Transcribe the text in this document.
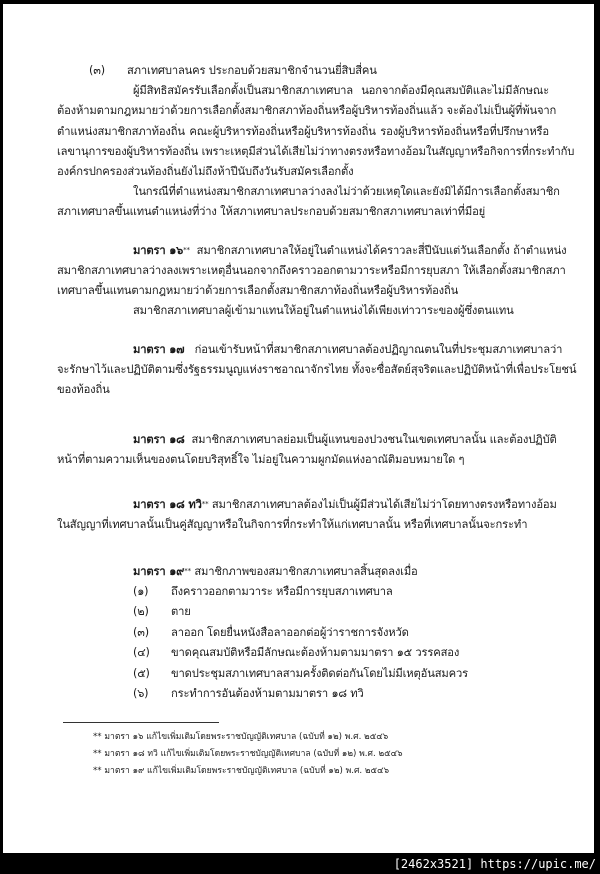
(๓) สภาเทศบาลนคร ประกอบด้วยสมาชิกจำนวนยี่สิบสี่คน
ผู้มีสิทธิสมัครรับเลือกตั้งเป็นสมาชิกสภาเทศบาล นอกจากต้องมีคุณสมบัติและไม่มีลักษณะ
ต้องห้ามตามกฎหมายว่าด้วยการเลือกตั้งสมาชิกสภาท้องถิ่นหรือผู้บริหารท้องถิ่นแล้ว จะต้องไม่เป็นผู้ที่พ้นจาก
ตำแหน่งสมาชิกสภาท้องถิ่น คณะผู้บริหารท้องถิ่นหรือผู้บริหารท้องถิ่น รองผู้บริหารท้องถิ่นหรือที่ปรึกษาหรือ
เลขานุการของผู้บริหารท้องถิ่น เพราะเหตุมีส่วนได้เสียไม่ว่าทางตรงหรือทางอ้อมในสัญญาหรือกิจการที่กระทำกับ
องค์กรปกครองส่วนท้องถิ่นยังไม่ถึงห้าปีนับถึงวันรับสมัครเลือกตั้ง
ในกรณีที่ตำแหน่งสมาชิกสภาเทศบาลว่างลงไม่ว่าด้วยเหตุใดและยังมิได้มีการเลือกตั้งสมาชิก
สภาเทศบาลขึ้นแทนตำแหน่งที่ว่าง ให้สภาเทศบาลประกอบด้วยสมาชิกสภาเทศบาลเท่าที่มีอยู่
มาตรา ๑๖** สมาชิกสภาเทศบาลให้อยู่ในตำแหน่งได้คราวละสี่ปีนับแต่วันเลือกตั้ง ถ้าตำแหน่ง
สมาชิกสภาเทศบาลว่างลงเพราะเหตุอื่นนอกจากถึงคราวออกตามวาระหรือมีการยุบสภา ให้เลือกตั้งสมาชิกสภา
เทศบาลขึ้นแทนตามกฎหมายว่าด้วยการเลือกตั้งสมาชิกสภาท้องถิ่นหรือผู้บริหารท้องถิ่น
สมาชิกสภาเทศบาลผู้เข้ามาแทนให้อยู่ในตำแหน่งได้เพียงเท่าวาระของผู้ซึ่งตนแทน
มาตรา ๑๗ ก่อนเข้ารับหน้าที่สมาชิกสภาเทศบาลต้องปฏิญาณตนในที่ประชุมสภาเทศบาลว่า
จะรักษาไว้และปฏิบัติตามซึ่งรัฐธรรมนูญแห่งราชอาณาจักรไทย ทั้งจะซื่อสัตย์สุจริตและปฏิบัติหน้าที่เพื่อประโยชน์
ของท้องถิ่น
มาตรา ๑๘ สมาชิกสภาเทศบาลย่อมเป็นผู้แทนของปวงชนในเขตเทศบาลนั้น และต้องปฏิบัติ
หน้าที่ตามความเห็นของตนโดยบริสุทธิ์ใจ ไม่อยู่ในความผูกมัดแห่งอาณัติมอบหมายใด ๆ
มาตรา ๑๘ ทวิ** สมาชิกสภาเทศบาลต้องไม่เป็นผู้มีส่วนได้เสียไม่ว่าโดยทางตรงหรือทางอ้อม
ในสัญญาที่เทศบาลนั้นเป็นคู่สัญญาหรือในกิจการที่กระทำให้แก่เทศบาลนั้น หรือที่เทศบาลนั้นจะกระทำ
มาตรา ๑๙** สมาชิกภาพของสมาชิกสภาเทศบาลสิ้นสุดลงเมื่อ
(๑) ถึงคราวออกตามวาระ หรือมีการยุบสภาเทศบาล
(๒) ตาย
(๓) ลาออก โดยยื่นหนังสือลาออกต่อผู้ว่าราชการจังหวัด
(๔) ขาดคุณสมบัติหรือมีลักษณะต้องห้ามตามมาตรา ๑๕ วรรคสอง
(๕) ขาดประชุมสภาเทศบาลสามครั้งติดต่อกันโดยไม่มีเหตุอันสมควร
(๖) กระทำการอันต้องห้ามตามมาตรา ๑๘ ทวิ
** มาตรา ๑๖ แก้ไขเพิ่มเติมโดยพระราชบัญญัติเทศบาล (ฉบับที่ ๑๒) พ.ศ. ๒๕๔๖
** มาตรา ๑๘ ทวิ แก้ไขเพิ่มเติมโดยพระราชบัญญัติเทศบาล (ฉบับที่ ๑๒) พ.ศ. ๒๕๔๖
** มาตรา ๑๙ แก้ไขเพิ่มเติมโดยพระราชบัญญัติเทศบาล (ฉบับที่ ๑๒) พ.ศ. ๒๕๔๖
[2462x3521] https://upic.me/
